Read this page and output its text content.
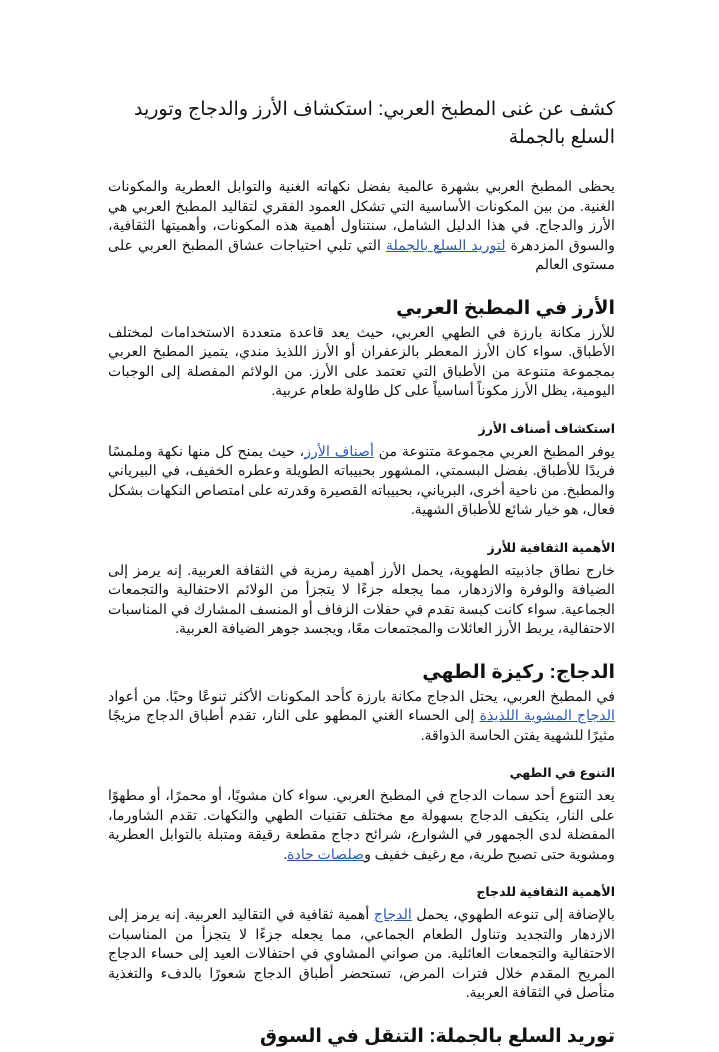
كشف عن غنى المطبخ العربي: استكشاف الأرز والدجاج وتوريد السلع بالجملة

يحظى المطبخ العربي بشهرة عالمية بفضل نكهاته الغنية والتوابل العطرية والمكونات الغنية. من بين المكونات الأساسية التي تشكل العمود الفقري لتقاليد المطبخ العربي هي الأرز والدجاج. في هذا الدليل الشامل، سنتناول أهمية هذه المكونات، وأهميتها الثقافية، والسوق المزدهرة لتوريد السلع بالجملة التي تلبي احتياجات عشاق المطبخ العربي على مستوى العالم

الأرز في المطبخ العربي

للأرز مكانة بارزة في الطهي العربي، حيث يعد قاعدة متعددة الاستخدامات لمختلف الأطباق. سواء كان الأرز المعطر بالزعفران أو الأرز اللذيذ مندي، يتميز المطبخ العربي بمجموعة متنوعة من الأطباق التي تعتمد على الأرز. من الولائم المفصلة إلى الوجبات اليومية، يظل الأرز مكوناً أساسياً على كل طاولة طعام عربية.

استكشاف أصناف الأرز

يوفر المطبخ العربي مجموعة متنوعة من أصناف الأرز، حيث يمنح كل منها نكهة وملمسًا فريدًا للأطباق. بفضل البسمتي، المشهور بحبيباته الطويلة وعطره الخفيف، في البيرياني والمطبخ. من ناحية أخرى، البرياني، بحبيباته القصيرة وقدرته على امتصاص النكهات بشكل فعال، هو خيار شائع للأطباق الشهية.

الأهمية الثقافية للأرز

خارج نطاق جاذبيته الطهوية، يحمل الأرز أهمية رمزية في الثقافة العربية. إنه يرمز إلى الضيافة والوفرة والازدهار، مما يجعله جزءًا لا يتجزأ من الولائم الاحتفالية والتجمعات الجماعية. سواء كانت كبسة تقدم في حفلات الزفاف أو المنسف المشارك في المناسبات الاحتفالية، يربط الأرز العائلات والمجتمعات معًا، ويجسد جوهر الضيافة العربية.

الدجاج: ركيزة الطهي

في المطبخ العربي، يحتل الدجاج مكانة بارزة كأحد المكونات الأكثر تنوعًا وحبًا. من أعواد الدجاج المشوية اللذيذة إلى الحساء الغني المطهو على النار، تقدم أطباق الدجاج مزيجًا مثيرًا للشهية يفتن الحاسة الذواقة.

التنوع في الطهي

يعد التنوع أحد سمات الدجاج في المطبخ العربي. سواء كان مشويًا، أو محمرًا، أو مطهوًا على النار، يتكيف الدجاج بسهولة مع مختلف تقنيات الطهي والنكهات. تقدم الشاورما، المفضلة لدى الجمهور في الشوارع، شرائح دجاج مقطعة رقيقة ومتبلة بالتوابل العطرية ومشوية حتى تصبح طرية، مع رغيف خفيف وصلصات حادة.

الأهمية الثقافية للدجاج

بالإضافة إلى تنوعه الطهوي، يحمل الدجاج أهمية ثقافية في التقاليد العربية. إنه يرمز إلى الازدهار والتجديد وتناول الطعام الجماعي، مما يجعله جزءًا لا يتجزأ من المناسبات الاحتفالية والتجمعات العائلية. من صواني المشاوي في احتفالات العيد إلى حساء الدجاج المريح المقدم خلال فترات المرض، تستحضر أطباق الدجاج شعورًا بالدفء والتغذية متأصل في الثقافة العربية.

توريد السلع بالجملة: التنقل في السوق
